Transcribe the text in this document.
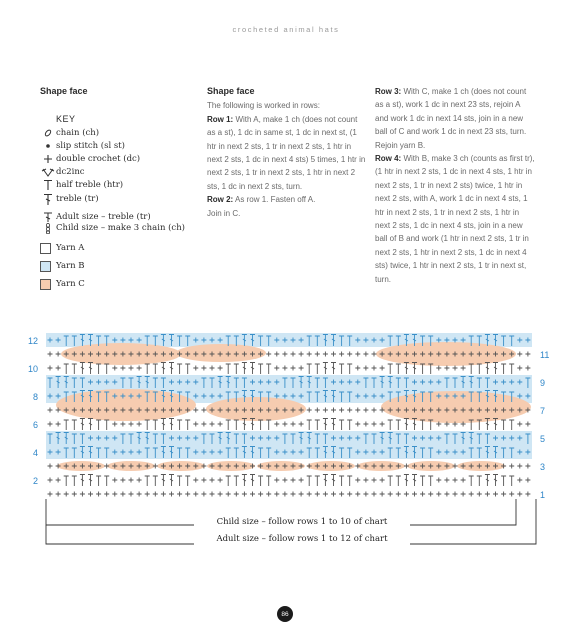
crocheted animal hats
Shape face
KEY
chain (ch)
slip stitch (sl st)
double crochet (dc)
dc2inc
half treble (htr)
treble (tr)
Adult size – treble (tr)
Child size – make 3 chain (ch)
Yarn A
Yarn B
Yarn C
Shape face

The following is worked in rows:

Row 1: With A, make 1 ch (does not count as a st), 1 dc in same st, 1 dc in next st, (1 htr in next 2 sts, 1 tr in next 2 sts, 1 htr in next 2 sts, 1 dc in next 4 sts) 5 times, 1 htr in next 2 sts, 1 tr in next 2 sts, 1 htr in next 2 sts, 1 dc in next 2 sts, turn.

Row 2: As row 1. Fasten off A.

Join in C.

Row 3: With C, make 1 ch (does not count as a st), work 1 dc in next 23 sts, rejoin A and work 1 dc in next 14 sts, join in a new ball of C and work 1 dc in next 23 sts, turn.

Rejoin yarn B.

Row 4: With B, make 3 ch (counts as first tr), (1 htr in next 2 sts, 1 dc in next 4 sts, 1 htr in next 2 sts, 1 tr in next 2 sts) twice, 1 htr in next 2 sts, with A, work 1 dc in next 4 sts, 1 htr in next 2 sts, 1 tr in next 2 sts, 1 htr in next 2 sts, 1 dc in next 4 sts, join in a new ball of B and work (1 htr in next 2 sts, 1 tr in next 2 sts, 1 htr in next 2 sts, 1 dc in next 4 sts) twice, 1 htr in next 2 sts, 1 tr in next st, turn.

1
2
3
4
5
6
7
8
9
10
11
12
Child size – follow rows 1 to 10 of chart
Adult size – follow rows 1 to 12 of chart
86
